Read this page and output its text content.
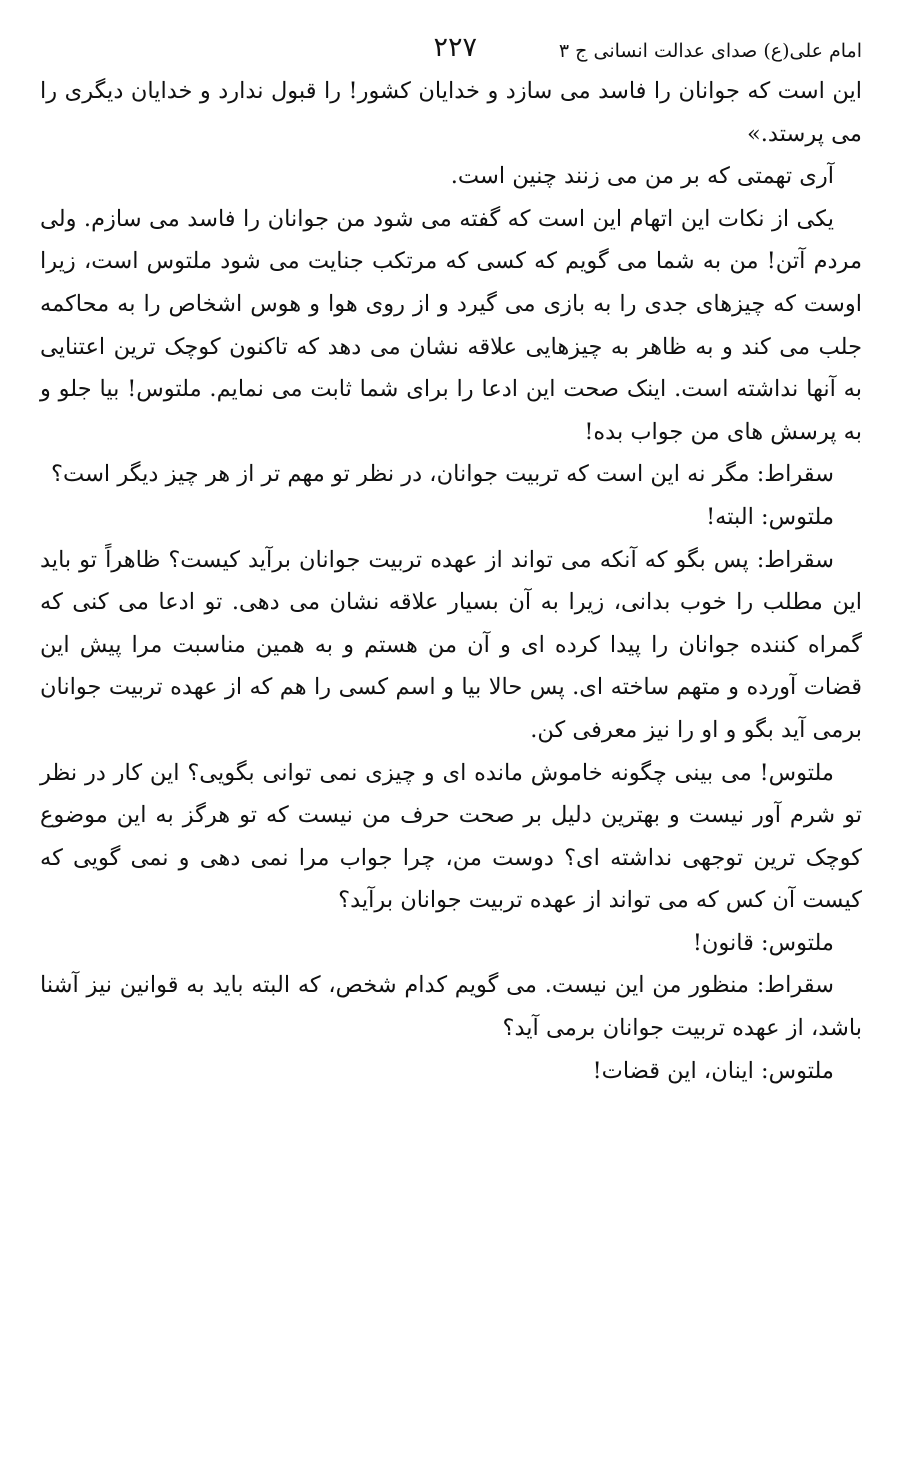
امام علی(ع) صدای عدالت انسانی ج ۳
۲۲۷

این است که جوانان را فاسد می سازد و خدایان کشور! را قبول ندارد و خدایان دیگری را می پرستد.»

آری تهمتی که بر من می زنند چنین است.

یکی از نکات این اتهام این است که گفته می شود من جوانان را فاسد می سازم. ولی مردم آتن! من به شما می گویم که کسی که مرتکب جنایت می شود ملتوس است، زیرا اوست که چیزهای جدی را به بازی می گیرد و از روی هوا و هوس اشخاص را به محاکمه جلب می کند و به ظاهر به چیزهایی علاقه نشان می دهد که تاکنون کوچک ترین اعتنایی به آنها نداشته است. اینک صحت این ادعا را برای شما ثابت می نمایم. ملتوس! بیا جلو و به پرسش های من جواب بده!

سقراط: مگر نه این است که تربیت جوانان، در نظر تو مهم تر از هر چیز دیگر است؟

ملتوس: البته!

سقراط: پس بگو که آنکه می تواند از عهده تربیت جوانان برآید کیست؟ ظاهراً تو باید این مطلب را خوب بدانی، زیرا به آن بسیار علاقه نشان می دهی. تو ادعا می کنی که گمراه کننده جوانان را پیدا کرده ای و آن من هستم و به همین مناسبت مرا پیش این قضات آورده و متهم ساخته ای. پس حالا بیا و اسم کسی را هم که از عهده تربیت جوانان برمی آید بگو و او را نیز معرفی کن.

ملتوس! می بینی چگونه خاموش مانده ای و چیزی نمی توانی بگویی؟ این کار در نظر تو شرم آور نیست و بهترین دلیل بر صحت حرف من نیست که تو هرگز به این موضوع کوچک ترین توجهی نداشته ای؟ دوست من، چرا جواب مرا نمی دهی و نمی گویی که کیست آن کس که می تواند از عهده تربیت جوانان برآید؟

ملتوس: قانون!

سقراط: منظور من این نیست. می گویم کدام شخص، که البته باید به قوانین نیز آشنا باشد، از عهده تربیت جوانان برمی آید؟

ملتوس: اینان، این قضات!
